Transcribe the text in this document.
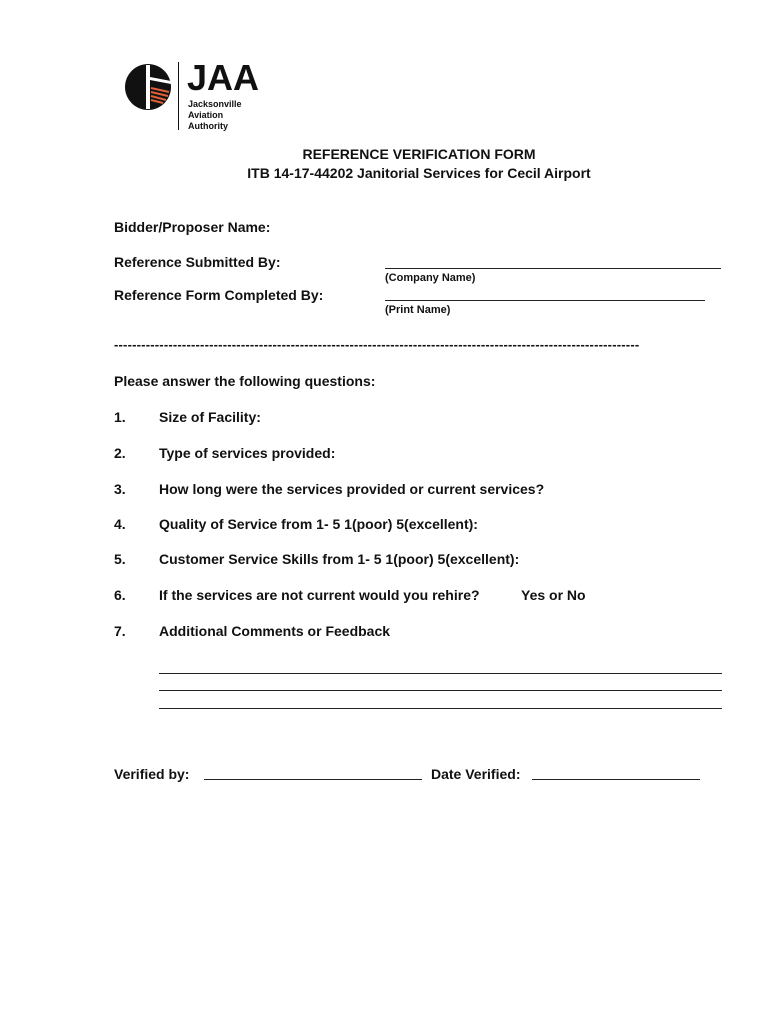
JAA
Jacksonville
Aviation
Authority
REFERENCE VERIFICATION FORM
ITB 14-17-44202 Janitorial Services for Cecil Airport
Bidder/Proposer Name:
Reference Submitted By:
(Company Name)
Reference Form Completed By:
(Print Name)
--------------------------------------------------------------------------------------------------------------------
Please answer the following questions:
1. Size of Facility:
2. Type of services provided:
3. How long were the services provided or current services?
4. Quality of Service from 1- 5 1(poor) 5(excellent):
5. Customer Service Skills from 1- 5 1(poor) 5(excellent):
6. If the services are not current would you rehire?	Yes or No
7. Additional Comments or Feedback
Verified by:	Date Verified:
